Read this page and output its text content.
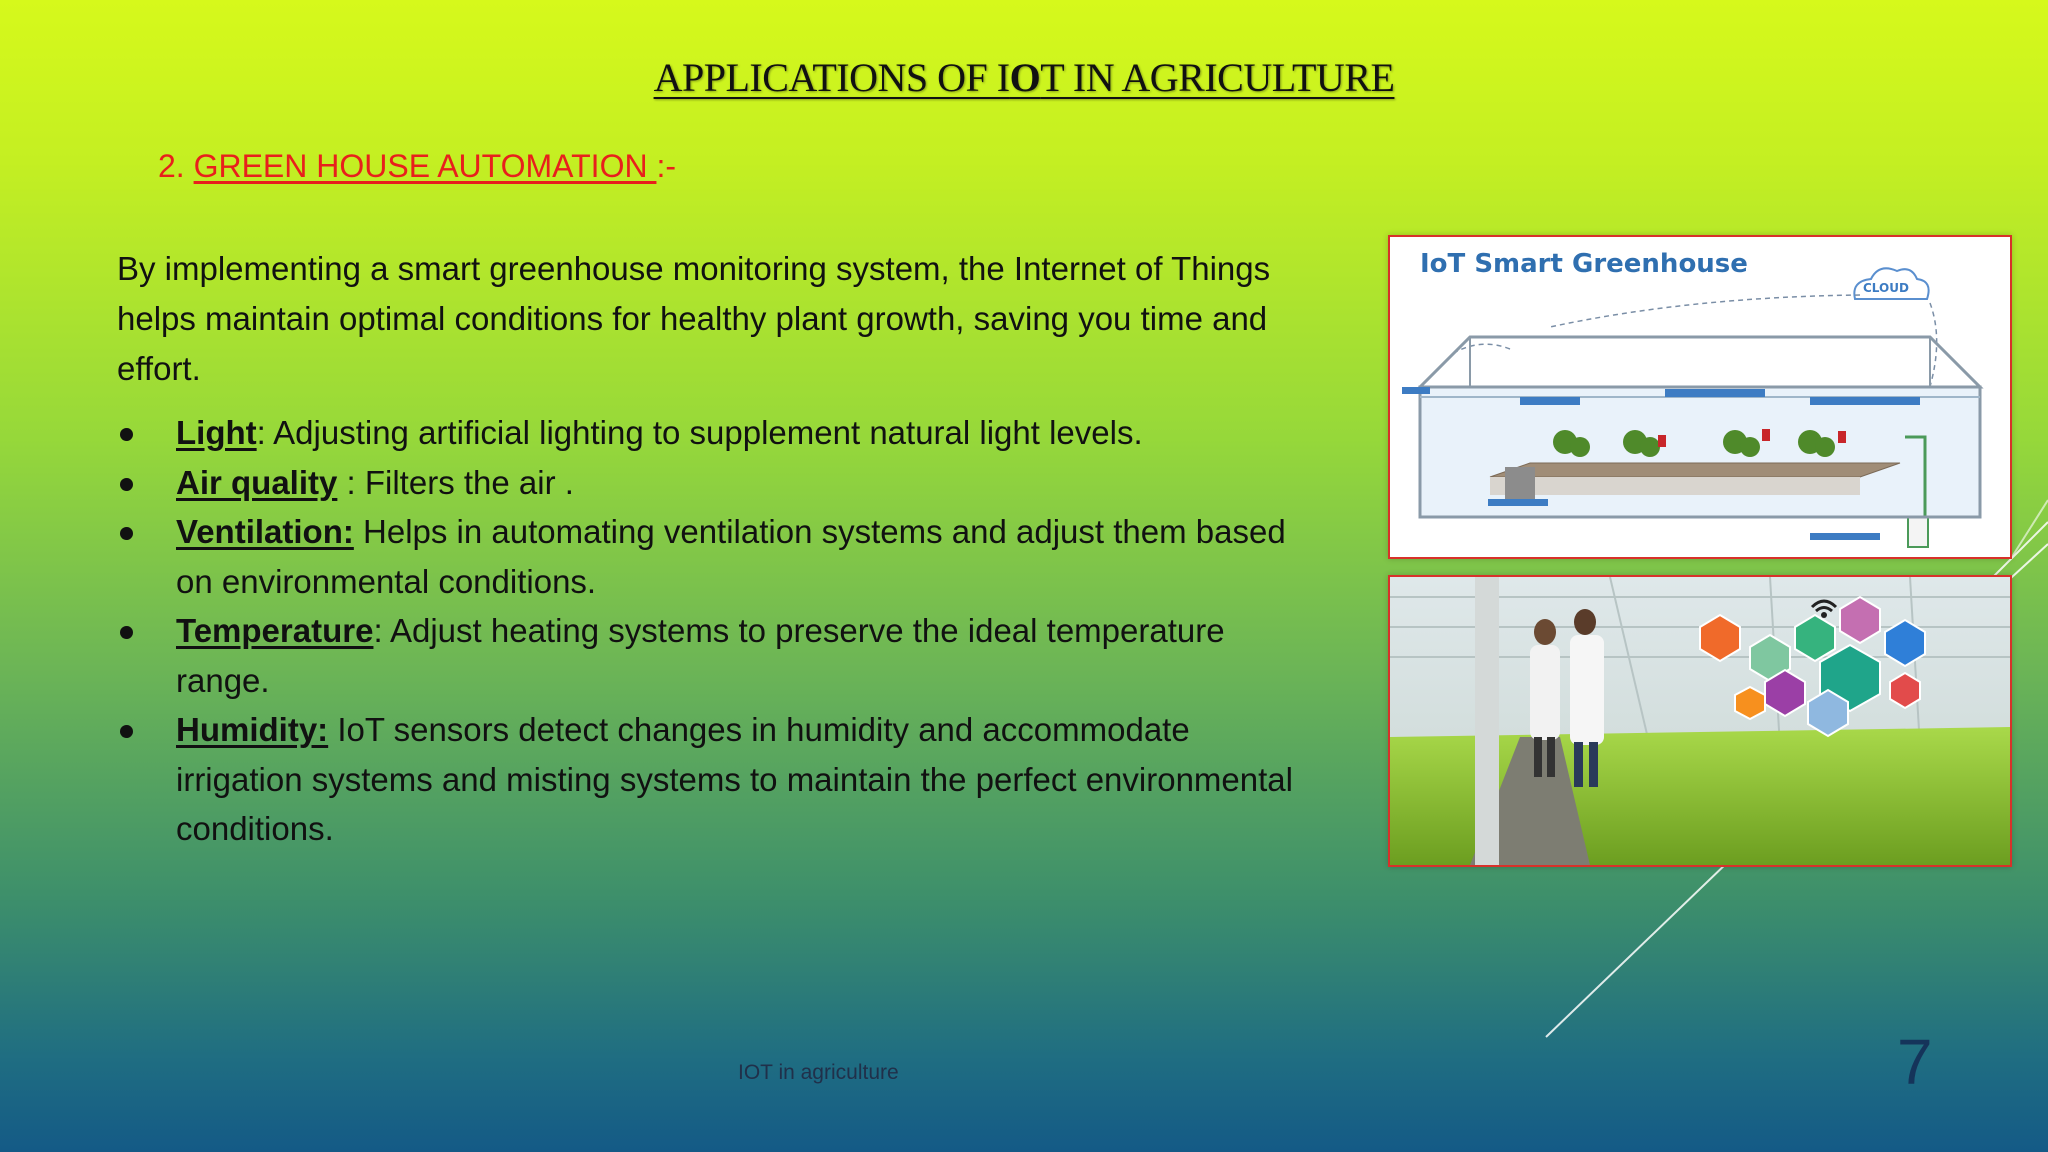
APPLICATIONS OF IOT IN AGRICULTURE
2. GREEN HOUSE AUTOMATION :-
By implementing a smart greenhouse monitoring system, the Internet of Things helps maintain optimal conditions for healthy plant growth, saving you time and effort.
Light: Adjusting artificial lighting to supplement natural light levels.
Air quality : Filters the air .
Ventilation: Helps in automating ventilation systems and adjust them based on environmental conditions.
Temperature: Adjust heating systems to preserve the ideal temperature range.
Humidity: IoT sensors detect changes in humidity and accommodate irrigation systems and misting systems to maintain the perfect environmental conditions.
IoT Smart Greenhouse
CLOUD
IOT in agriculture	7
